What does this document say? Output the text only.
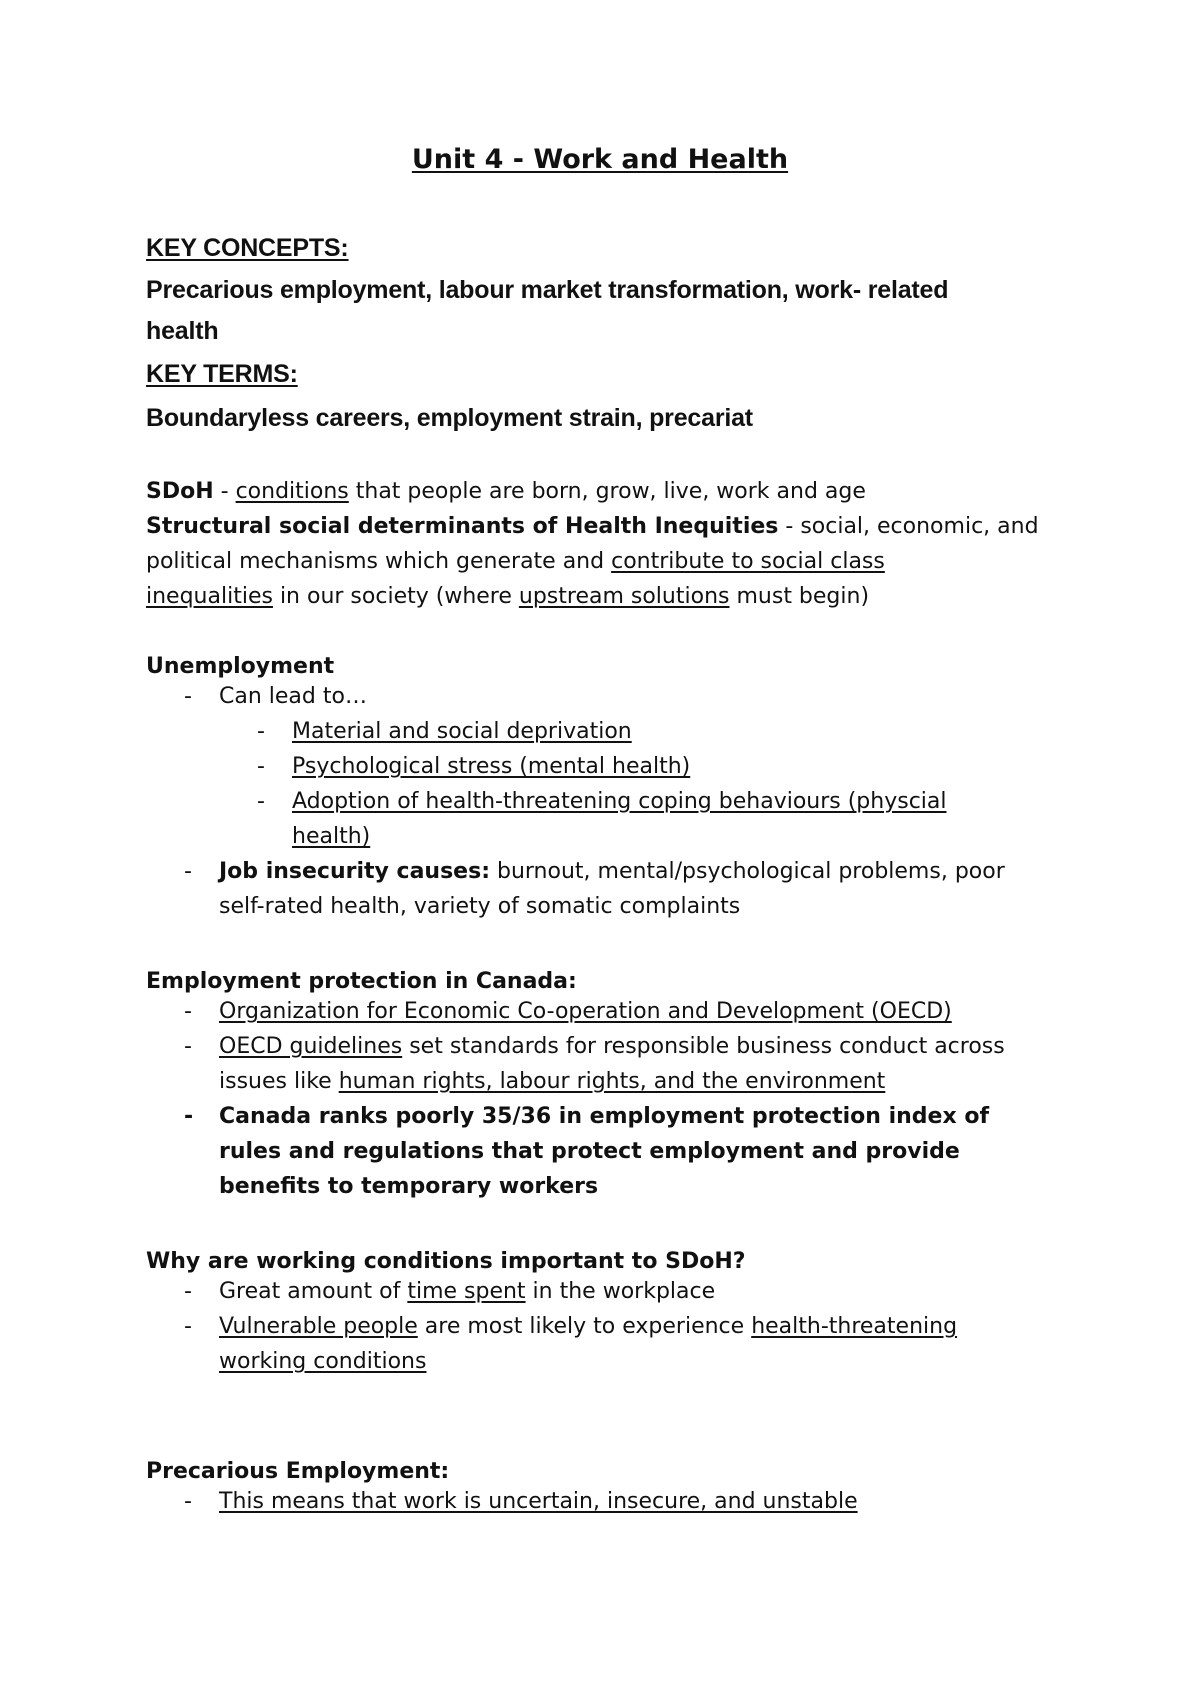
Unit 4 - Work and Health
KEY CONCEPTS:
Precarious employment, labour market transformation, work- related
health
KEY TERMS:
Boundaryless careers, employment strain, precariat
SDoH - conditions that people are born, grow, live, work and age
Structural social determinants of Health Inequities - social, economic, and
political mechanisms which generate and contribute to social class
inequalities in our society (where upstream solutions must begin)
Unemployment
- Can lead to…
- Material and social deprivation
- Psychological stress (mental health)
- Adoption of health-threatening coping behaviours (physcial
health)
- Job insecurity causes: burnout, mental/psychological problems, poor
self-rated health, variety of somatic complaints
Employment protection in Canada:
- Organization for Economic Co-operation and Development (OECD)
- OECD guidelines set standards for responsible business conduct across
issues like human rights, labour rights, and the environment
- Canada ranks poorly 35/36 in employment protection index of
rules and regulations that protect employment and provide
benefits to temporary workers
Why are working conditions important to SDoH?
- Great amount of time spent in the workplace
- Vulnerable people are most likely to experience health-threatening
working conditions
Precarious Employment:
- This means that work is uncertain, insecure, and unstable
